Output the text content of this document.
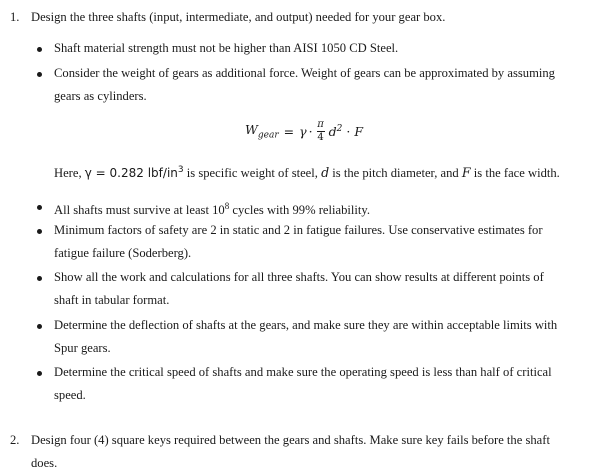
1. Design the three shafts (input, intermediate, and output) needed for your gear box.
Shaft material strength must not be higher than AISI 1050 CD Steel.
Consider the weight of gears as additional force. Weight of gears can be approximated by assuming
gears as cylinders.
$W_{gear} = \gamma \cdot \frac{\pi}{4} d^2 \cdot F$
Here, γ = 0.282 lbf/$in^3$ is specific weight of steel, d is the pitch diameter, and F is the face width.
All shafts must survive at least $10^8$ cycles with 99% reliability.
Minimum factors of safety are 2 in static and 2 in fatigue failures. Use conservative estimates for
fatigue failure (Soderberg).
Show all the work and calculations for all three shafts. You can show results at different points of
shaft in tabular format.
Determine the deflection of shafts at the gears, and make sure they are within acceptable limits with
Spur gears.
Determine the critical speed of shafts and make sure the operating speed is less than half of critical
speed.
2. Design four (4) square keys required between the gears and shafts. Make sure key fails before the shaft
does.
